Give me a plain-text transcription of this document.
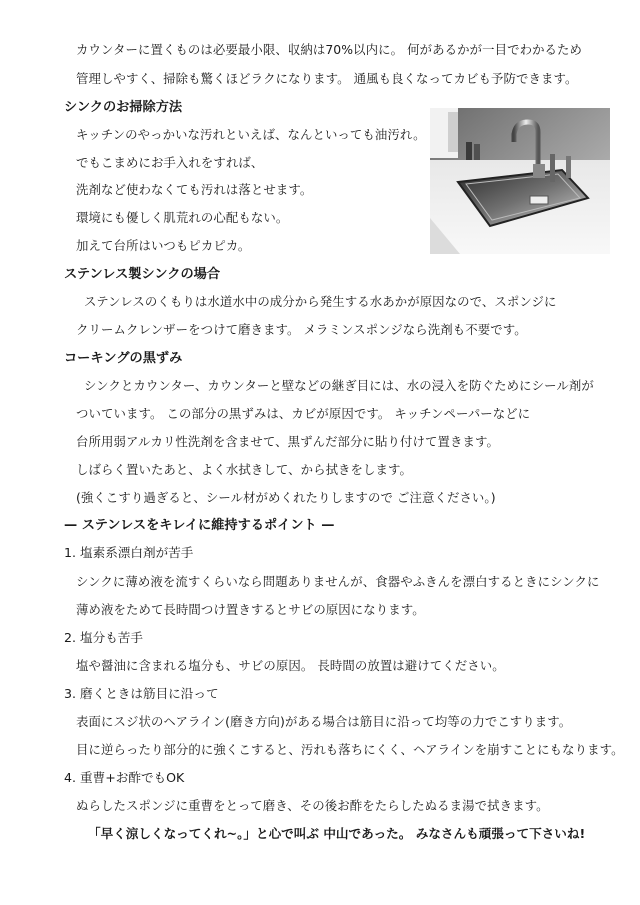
カウンターに置くものは必要最小限、収納は70%以内に。 何があるかが一目でわかるため
管理しやすく、掃除も驚くほどラクになります。 通風も良くなってカビも予防できます。
シンクのお掃除方法
キッチンのやっかいな汚れといえば、なんといっても油汚れ。
でもこまめにお手入れをすれば、
洗剤など使わなくても汚れは落とせます。
環境にも優しく肌荒れの心配もない。
加えて台所はいつもピカピカ。
ステンレス製シンクの場合
ステンレスのくもりは水道水中の成分から発生する水あかが原因なので、スポンジに
クリームクレンザーをつけて磨きます。 メラミンスポンジなら洗剤も不要です。
コーキングの黒ずみ
シンクとカウンター、カウンターと壁などの継ぎ目には、水の浸入を防ぐためにシール剤が
ついています。 この部分の黒ずみは、カビが原因です。 キッチンペーパーなどに
台所用弱アルカリ性洗剤を含ませて、黒ずんだ部分に貼り付けて置きます。
しばらく置いたあと、よく水拭きして、から拭きをします。
(強くこすり過ぎると、シール材がめくれたりしますので ご注意ください。)
— ステンレスをキレイに維持するポイント —
1. 塩素系漂白剤が苦手
シンクに薄め液を流すくらいなら問題ありませんが、食器やふきんを漂白するときにシンクに
薄め液をためて長時間つけ置きするとサビの原因になります。
2. 塩分も苦手
塩や醤油に含まれる塩分も、サビの原因。 長時間の放置は避けてください。
3. 磨くときは筋目に沿って
表面にスジ状のヘアライン(磨き方向)がある場合は筋目に沿って均等の力でこすります。
目に逆らったり部分的に強くこすると、汚れも落ちにくく、ヘアラインを崩すことにもなります。
4. 重曹+お酢でもOK
ぬらしたスポンジに重曹をとって磨き、その後お酢をたらしたぬるま湯で拭きます。
「早く涼しくなってくれ~。」と心で叫ぶ 中山であった。 みなさんも頑張って下さいね!
